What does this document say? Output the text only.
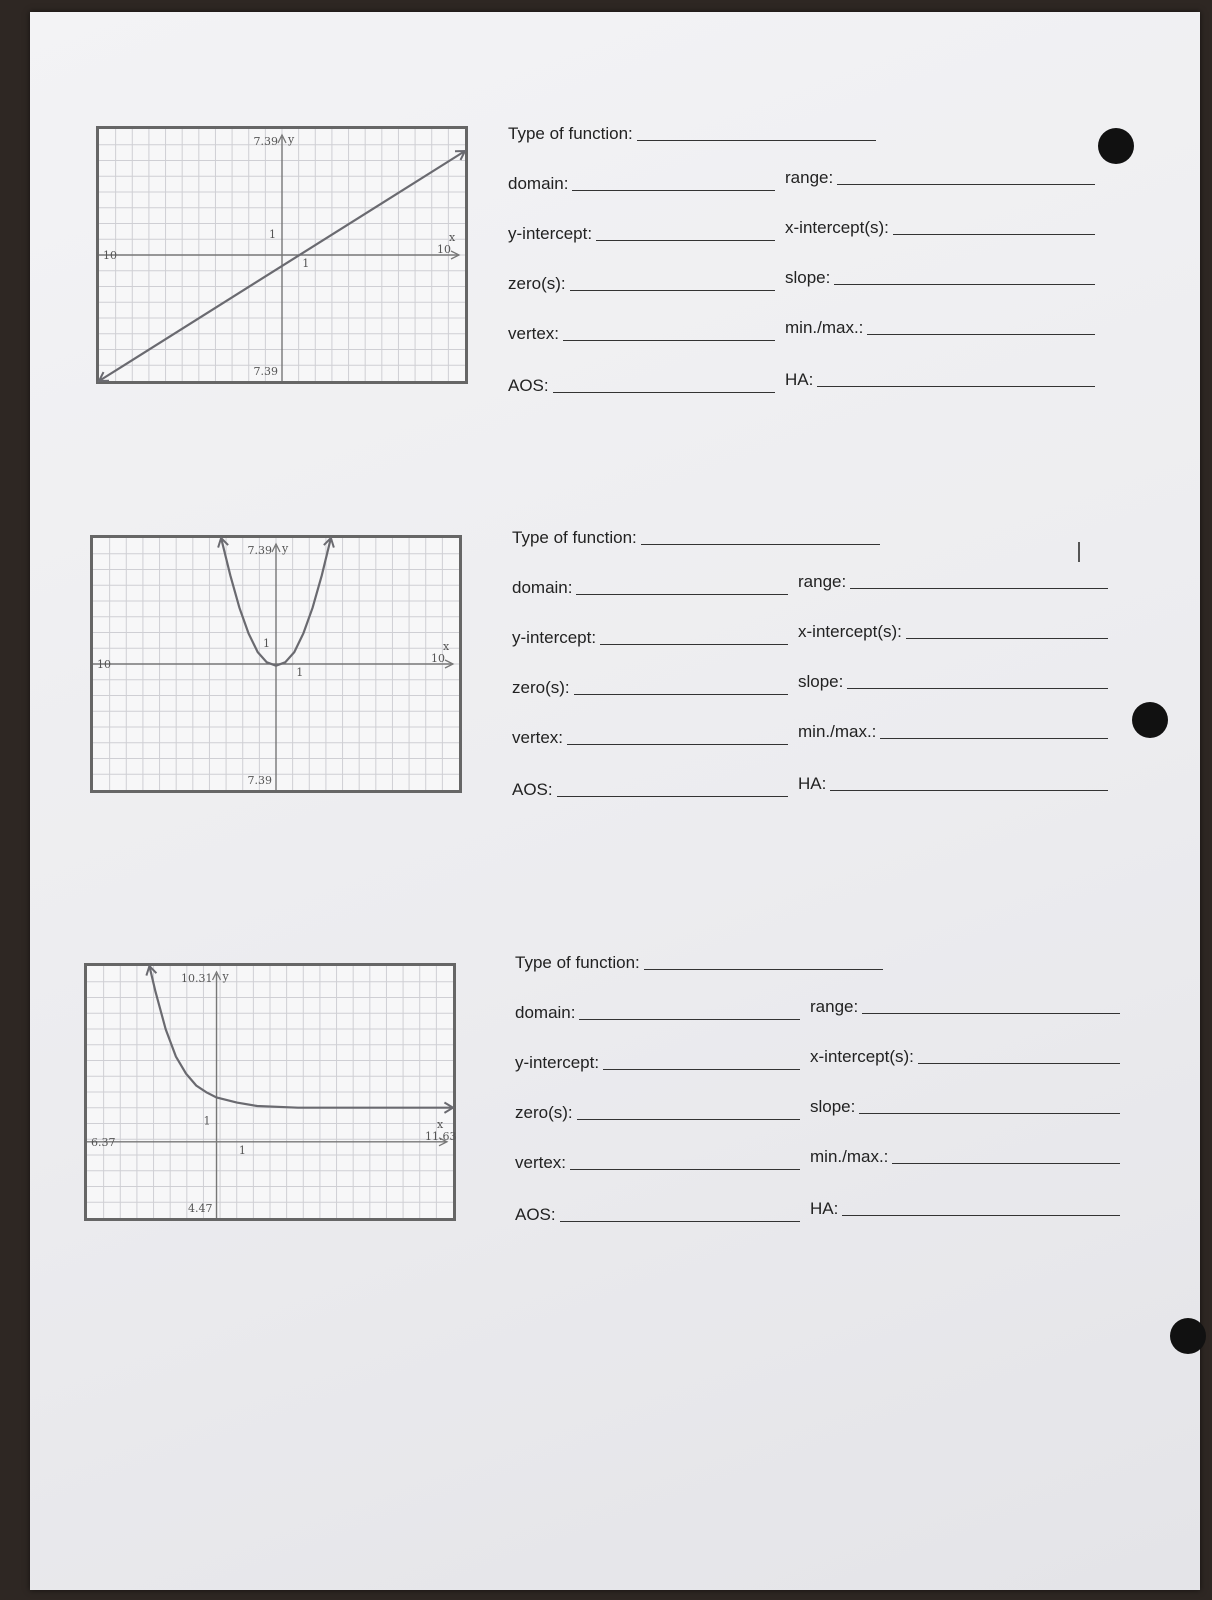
10	10
7.39
7.39
1
1	x
y	Type of function:
domain:	range:
y-intercept:	x-intercept(s):
zero(s):	slope:
vertex:	min./max.:
AOS:	HA:
10	10
7.39
7.39
1
1	x
y
Type of function:
domain:	range:
y-intercept:	x-intercept(s):
zero(s):	slope:
vertex:	min./max.:
AOS:	HA:
6.37	11.63
10.31
4.47
1
1	x
y
Type of function:
domain:	range:
y-intercept:	x-intercept(s):
zero(s):	slope:
vertex:	min./max.:
AOS:	HA:
